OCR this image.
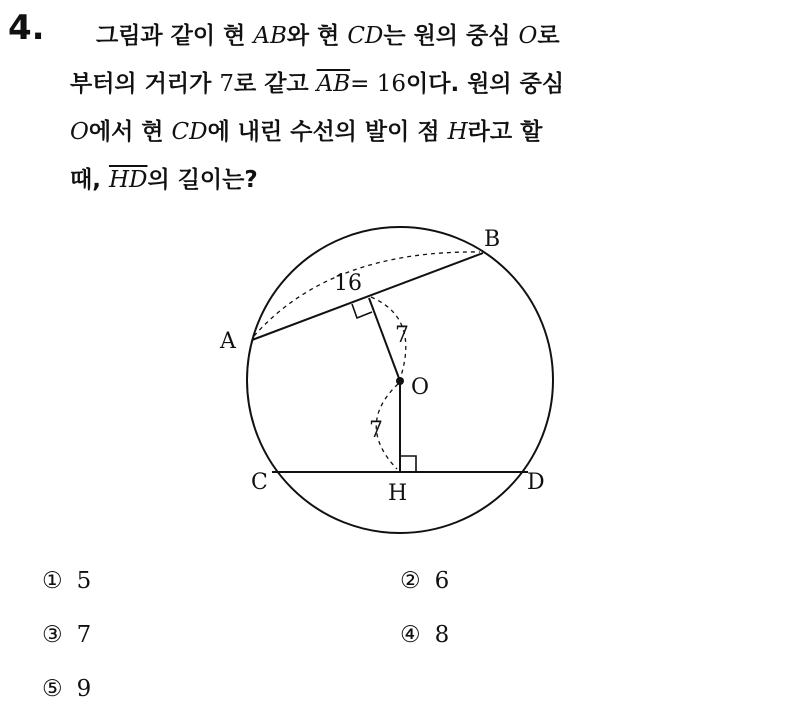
4.	그림과 같이 현 AB와 현 CD는 원의 중심 O로
부터의 거리가 7로 같고 $\overline{AB}= 16$이다. 원의 중심
O에서 현 CD에 내린 수선의 발이 점 H라고 할
때, $\overline{HD}$의 길이는?
B
A
16
7
O
7
C	H	D
① 5	② 6
③ 7	④ 8
⑤ 9
